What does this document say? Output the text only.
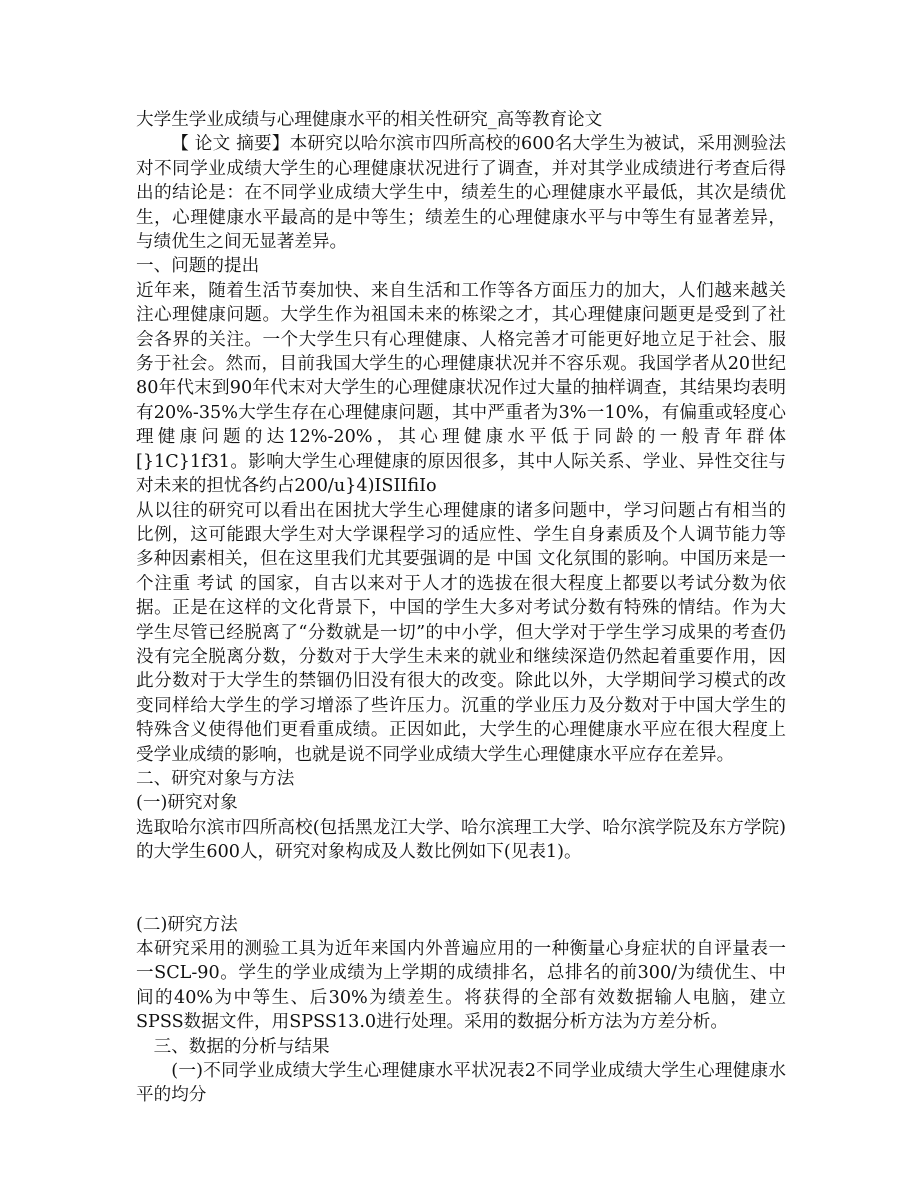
大学生学业成绩与心理健康水平的相关性研究_高等教育论文

【 论文 摘要】本研究以哈尔滨市四所高校的600名大学生为被试，采用测验法对不同学业成绩大学生的心理健康状况进行了调查，并对其学业成绩进行考查后得出的结论是：在不同学业成绩大学生中，绩差生的心理健康水平最低，其次是绩优生，心理健康水平最高的是中等生；绩差生的心理健康水平与中等生有显著差异，与绩优生之间无显著差异。

一、问题的提出

近年来，随着生活节奏加快、来自生活和工作等各方面压力的加大，人们越来越关注心理健康问题。大学生作为祖国未来的栋梁之才，其心理健康问题更是受到了社会各界的关注。一个大学生只有心理健康、人格完善才可能更好地立足于社会、服务于社会。然而，目前我国大学生的心理健康状况并不容乐观。我国学者从20世纪80年代末到90年代末对大学生的心理健康状况作过大量的抽样调查，其结果均表明有20%-35%大学生存在心理健康问题，其中严重者为3%一10%，有偏重或轻度心理健康问题的达12%-20%，其心理健康水平低于同龄的一般青年群体[}1C}1f31。影响大学生心理健康的原因很多，其中人际关系、学业、异性交往与对未来的担忧各约占200/u}4)ISIIfiIo

从以往的研究可以看出在困扰大学生心理健康的诸多问题中，学习问题占有相当的比例，这可能跟大学生对大学课程学习的适应性、学生自身素质及个人调节能力等多种因素相关，但在这里我们尤其要强调的是 中国 文化氛围的影响。中国历来是一个注重 考试 的国家，自古以来对于人才的选拔在很大程度上都要以考试分数为依据。正是在这样的文化背景下，中国的学生大多对考试分数有特殊的情结。作为大学生尽管已经脱离了“分数就是一切”的中小学，但大学对于学生学习成果的考查仍没有完全脱离分数，分数对于大学生未来的就业和继续深造仍然起着重要作用，因此分数对于大学生的禁锢仍旧没有很大的改变。除此以外，大学期间学习模式的改变同样给大学生的学习增添了些许压力。沉重的学业压力及分数对于中国大学生的特殊含义使得他们更看重成绩。正因如此，大学生的心理健康水平应在很大程度上受学业成绩的影响，也就是说不同学业成绩大学生心理健康水平应存在差异。

二、研究对象与方法

(一)研究对象

选取哈尔滨市四所高校(包括黑龙江大学、哈尔滨理工大学、哈尔滨学院及东方学院)的大学生600人，研究对象构成及人数比例如下(见表1)。

(二)研究方法

本研究采用的测验工具为近年来国内外普遍应用的一种衡量心身症状的自评量表一一SCL-90。学生的学业成绩为上学期的成绩排名，总排名的前300/为绩优生、中间的40%为中等生、后30%为绩差生。将获得的全部有效数据输人电脑，建立SPSS数据文件，用SPSS13.0进行处理。采用的数据分析方法为方差分析。

三、数据的分析与结果

(一)不同学业成绩大学生心理健康水平状况表2不同学业成绩大学生心理健康水平的均分
